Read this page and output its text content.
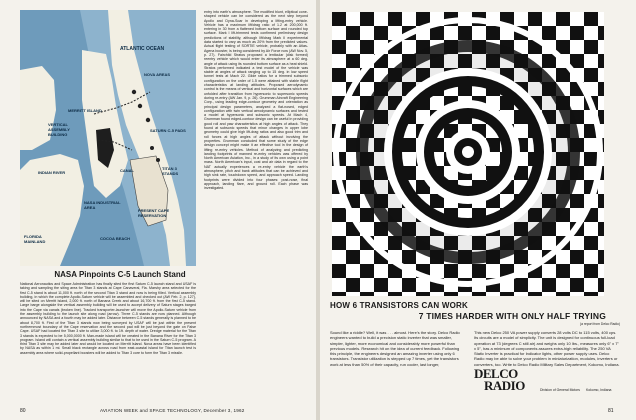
ATLANTIC OCEAN
MERRITT ISLAND
VERTICAL ASSEMBLY BUILDING
INDIAN RIVER
NASA INDUSTRIAL AREA
COCOA BEACH
FLORIDA MAINLAND
CANAL
PRESENT CAPE RESERVATION
SATURN C-5 PADS
TITAN 3 STANDS
NOVA AREAS
NASA Pinpoints C-5 Launch Stand

National Aeronautics and Space Administration has finally sited the first Saturn C-5 launch stand and USAF is taking and sampling the siting area for Titan 3 stands at Cape Canaveral, Fla. Marshy area selected for the first C-5 stand is about 11,000 ft. north of the second Titan 3 stand and now is being filled. Vertical assembly building, in which the complete Apollo-Saturn vehicle will be assembled and checked out (AW Feb. 2, p. 127), will be sited on Merritt Island, 2,000 ft. north of Banana Creek and about 16,700 ft. from the first C-5 stand. Large barge alongside the vertical assembly building will be used to accept delivery of Saturn stages barged into the Cape via canals (broken line). Tracked transporter-launcher will move the Apollo-Saturn vehicle from the assembly building to the launch site along road (arrow). Three C-5 stands are now planned. Although announced by NASA and a fourth may be added later. Distance between C-5 stands generally is planned to be about 8,700 ft. First of the Titan 3 stands now being surveyed by USAF will be just within the present northernmost boundary of the Cape reservation and the second pad will be just beyond the gate on False Cape. USAF had located the Titan 3 site to utilize 3,000 ft. to 1ft. depth of water. Dredge material for the Titan 3 stands is expected to be 5,000,0000 ft. Man-made island will be created in the Banana River for the Titan 3 program. Island will contain a vertical assembly building similar to that to be used in the Saturn C-5 program. A third Titan 3 site may be added later and would be located on Merritt Island. Nova areas have been identified by NASA as within 1 mi. Small black rectangle across road from east-coastal island for Titan launch test is assembly area where solid-propellant boosters will be added to Titan 3 core to form the Titan 3 missile.

entry into earth's atmosphere. The modified blunt, elliptical cone-shaped vehicle can be considered as the next step beyond Apollo and Dyna-Soar in developing a lifting-entry vehicle. Vehicle has a maximum lift/drag ratio of 1.2 at 200,000 ft. entering in 30 from a flattened bottom surface and rounded top surface. Mark I lift-trimmed tests confirmed preliminary design predictions of stability, although lift/drag Mark II experimental data started to vary as much as 20% from the predicted values. Actual flight testing of SORTIE vehicle, probably with an Atlas-Agena booster, is being considered by Air Force now (AW Nov. 5, p. 27). Fairchild Stratos proposed a lenticular (disk formed) reentry vehicle which would enter its atmosphere at a 60 deg. angle of attack using its rounded bottom surface as a heat shield. Stratos performed indicated a test model of the vehicle was stable at angles of attack ranging up to 15 deg. in low speed tunnel tests at Mach 22. Glide ratios for a trimmed subsonic configuration on the order of 1.5 were attained with stable flight characteristics at landing attitudes. Proposed aerodynamic control is the means of vertical and horizontal surfaces which are unfolded after transition from hypersonic to supersonic speeds during re-entry (AW Jan. 9, p. 26). Grumman Aircraft Engineering Corp., using leading edge-contour geometry and orientation as principal design parameters, analyzed a flat-nosed, edged configuration with twin vertical aerodynamic surfaces and tested a model at hypersonic and subsonic speeds. At Mach 4, Grumman found edged-contour design can be useful in providing good roll and yaw characteristics at high angles of attack. They found at subsonic speeds that minor changes in upper lobe geometry could give high lift-drag ratios and also good trim and roll forces at high angles of attack without involving the properties. Grumman concluded that some study of the edge design concept might make it an effective tool in the design of lifting re-entry vehicles. Method of analyzing and predicting landing footprints of manned re-entry vehicles was offered by North American Aviation, Inc., in a study of its own using a point mass. North American's input, cost and air data in regard to the NAT actually experiences a re-entry vehicle the earth's atmosphere, pitch and bank attitudes that can be achieved and high sink rate, touchdown speed, and approach speed. Landing footprints were divided into four phases: post-nose, final approach, landing flare, and ground roll. Each phase was investigated.

80	AVIATION WEEK and SPACE TECHNOLOGY, December 3, 1962
HOW 6 TRANSISTORS CAN WORK
7 TIMES HARDER WITH ONLY HALF TRYING
(a report from Delco Radio)
Sound like a riddle? Well, it was . . . almost. Here's the story. Delco Radio engineers wanted to build a precision static inverter that was smaller, simpler, lighter, more economical and considerably more powerful than previous models. Research hit on the idea of current feedback. Following this principle, the engineers designed an amazing inverter using only 6 transistors. Transistor utilization is stepped up 7 times, yet the transistors work at less than 50% of their capacity, run cooler, last longer,
This new Delco 250 VA power supply converts 28 volts DC to 115 volts, 400 cps. Its circuits are a model of simplicity. The unit is designed for continuous full-load operation at 73 (degrees C still air) and weighs only 10 lbs., measures only 6" x 7" x 5", has a minimum of components assures extra-high reliability. The 250 VA Static Inverter is practical for Indicator lights, other power supply uses. Delco Radio may be able to solve your problem in miniaturization, modules, inverters or converters, too. Write to Delco Radio Military Sales Department, Kokomo, Indiana.
DELCO
RADIO	Division of General Motors Kokomo, Indiana
81
